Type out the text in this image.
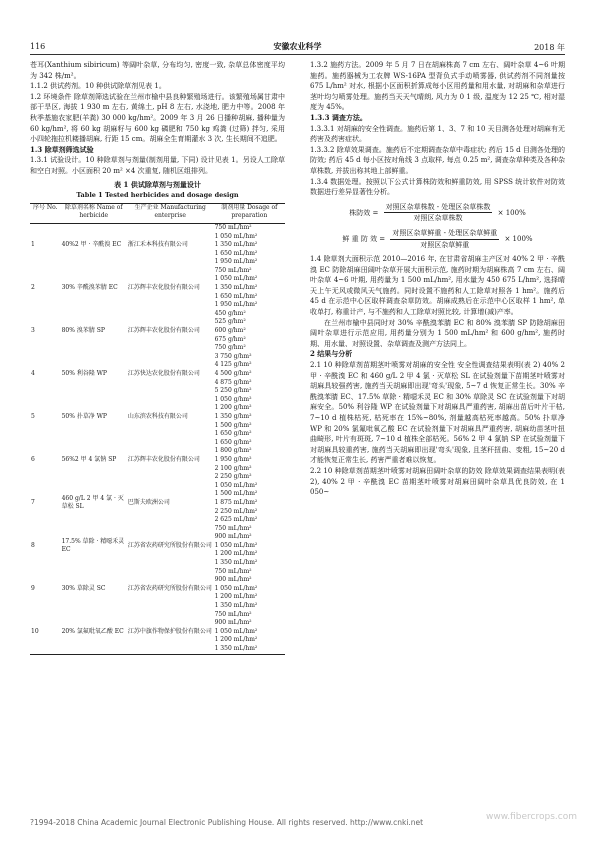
116	安徽农业科学	2018 年

苍耳(Xanthium sibiricum) 等阔叶杂草, 分布均匀, 密度一致, 杂草总体密度平均为 342 株/m²。

1.1.2 供试药剂。10 种供试除草剂见表 1。

1.2 环境条件 除草剂筛选试验在兰州市榆中县良种繁殖场进行。该繁殖场属甘肃中部干旱区, 海拔 1 930 m 左右, 黄绵土, pH 8 左右, 水浇地, 肥力中等。2008 年秋季基施农家肥(羊粪) 30 000 kg/hm²。2009 年 3 月 26 日播种胡麻, 播种量为 60 kg/hm², 将 60 kg 胡麻籽与 600 kg 磷肥和 750 kg 鸡粪 (过筛) 拌匀, 采用小四轮拖拉机耧播胡麻, 行距 15 cm。胡麻全生育期灌水 3 次, 生长期间不追肥。

1.3 除草剂筛选试验

1.3.1 试验设计。10 种除草剂与剂量(制剂用量, 下同) 设计见表 1。另设人工除草和空白对照。小区面积 20 m² ×4 次重复, 随机区组排列。

表 1 供试除草剂与剂量设计
Table 1 Tested herbicides and dosage design
序号 No.	除草剂名称 Name of herbicide	生产企业 Manufacturing enterprise	制剂用量 Dosage of preparation
1	40%2 甲 · 辛酰溴 EC	浙江禾本科技有限公司	750 mL/hm²
1 050 mL/hm²
1 350 mL/hm²
1 650 mL/hm²
1 950 mL/hm²

2	30% 辛酰溴苯腈 EC	江苏辉丰农化股份有限公司	750 mL/hm²
1 050 mL/hm²
1 350 mL/hm²
1 650 mL/hm²
1 950 mL/hm²

3	80% 溴苯腈 SP	江苏辉丰农化股份有限公司	450 g/hm²
525 g/hm²
600 g/hm²
675 g/hm²
750 g/hm²

4	50% 利谷隆 WP	江苏快达农化股份有限公司	3 750 g/hm²
4 125 g/hm²
4 500 g/hm²
4 875 g/hm²
5 250 g/hm²

5	50% 扑草净 WP	山东滨农科技有限公司	1 050 g/hm²
1 200 g/hm²
1 350 g/hm²
1 500 g/hm²
1 650 g/hm²

6	56%2 甲 4 氯钠 SP	江苏辉丰农化股份有限公司	1 650 g/hm²
1 800 g/hm²
1 950 g/hm²
2 100 g/hm²
2 250 g/hm²

7	460 g/L 2 甲 4 氯 · 灭草松 SL	巴斯夫欧洲公司	1 050 mL/hm²
1 500 mL/hm²
1 875 mL/hm²
2 250 mL/hm²
2 625 mL/hm²

8	17.5% 草除 · 精噁禾灵 EC	江苏省农药研究所股份有限公司	750 mL/hm²
900 mL/hm²
1 050 mL/hm²
1 200 mL/hm²
1 350 mL/hm²

9	30% 草除灵 SC	江苏省农药研究所股份有限公司	750 mL/hm²
900 mL/hm²
1 050 mL/hm²
1 200 mL/hm²
1 350 mL/hm²

10	20% 氯氟吡氧乙酸 EC	江苏中旗作物保护股份有限公司	750 mL/hm²
900 mL/hm²
1 050 mL/hm²
1 200 mL/hm²
1 350 mL/hm²

1.3.2 施药方法。2009 年 5 月 7 日在胡麻株高 7 cm 左右、阔叶杂草 4~6 叶期施药。施药器械为工农牌 WS-16PA 型背负式手动喷雾器, 供试药剂不同剂量按 675 L/hm² 对水, 根据小区面积折算成每小区用药量和用水量, 对胡麻和杂草进行茎叶均匀喷雾处理。施药当天天气晴朗, 风力为 0 1 级, 温度为 12 25 ℃, 相对湿度为 45%。

1.3.3 调查方法。

1.3.3.1 对胡麻的安全性调查。施药后第 1、3、7 和 10 天目测各处理对胡麻有无药害及药害症状。

1.3.3.2 除草效果调查。施药后不定期调查杂草中毒症状; 药后 15 d 目测各处理的防效; 药后 45 d 每小区按对角线 3 点取样, 每点 0.25 m², 调查杂草种类及各种杂草株数, 并拔出称其地上部鲜重。

1.3.4 数据处理。按照以下公式计算株防效和鲜重防效, 用 SPSS 统计软件对防效数据进行差异显著性分析。

株防效 = $\frac{\text{对照区杂草株数 - 处理区杂草株数}}{\text{对照区杂草株数}} \times 100\%$
鲜 重 防 效 = $\frac{\text{对照区杂草鲜重 - 处理区杂草鲜重}}{\text{对照区杂草鲜重}} \times 100\%$

1.4 除草剂大面积示范 2010—2016 年, 在甘肃省胡麻主产区对 40% 2 甲 · 辛酰溴 EC 防除胡麻田阔叶杂草开展大面积示范, 施药时期为胡麻株高 7 cm 左右、阔叶杂草 4~6 叶期, 用药量为 1 500 mL/hm², 用水量为 450 675 L/hm², 选择晴天上午无风或微风天气施药。同时设置不施药和人工除草对照各 1 hm²。施药后 45 d 在示范中心区取样调查杂草防效。胡麻成熟后在示范中心区取样 1 hm², 单收单打, 称重计产, 与不施药和人工除草对照比较, 计算增(减)产率。

在兰州市榆中县同时对 30% 辛酰溴苯腈 EC 和 80% 溴苯腈 SP 防除胡麻田阔叶杂草进行示范应用, 用药量分别为 1 500 mL/hm² 和 600 g/hm², 施药时期、用水量、对照设置、杂草调查及测产方法同上。

2 结果与分析

2.1 10 种除草剂苗期茎叶喷雾对胡麻的安全性 安全性调查结果表明(表 2) 40% 2 甲 · 辛酰溴 EC 和 460 g/L 2 甲 4 氯 · 灭草松 SL 在试验剂量下苗期茎叶喷雾对胡麻具较强药害, 施药当天胡麻即出现'弯头'现象, 5~7 d 恢复正常生长。30% 辛酰溴苯腈 EC、17.5% 草除 · 精噁禾灵 EC 和 30% 草除灵 SC 在试验剂量下对胡麻安全。50% 利谷隆 WP 在试验剂量下对胡麻具严重药害, 胡麻出苗后叶片干枯, 7~10 d 植株枯死, 枯死率在 15%~80%, 剂量越高枯死率越高。50% 扑草净 WP 和 20% 氯氟吡氧乙酸 EC 在试验剂量下对胡麻具严重药害, 胡麻幼苗茎叶扭曲畸形, 叶片有斑斑, 7~10 d 植株全部枯死。56% 2 甲 4 氯钠 SP 在试验剂量下对胡麻具较重药害, 施药当天胡麻即出现'弯头'现象, 且茎秆扭曲、变粗, 15~20 d 才能恢复正常生长, 药害严重者难以恢复。

2.2 10 种除草剂苗期茎叶喷雾对胡麻田阔叶杂草的防效 除草效果调查结果表明(表 2), 40% 2 甲 · 辛酰溴 EC 苗期茎叶喷雾对胡麻田阔叶杂草具优良防效, 在 1 050~

?1994-2018 China Academic Journal Electronic Publishing House. All rights reserved. http://www.cnki.net
www.fibercrops.com
